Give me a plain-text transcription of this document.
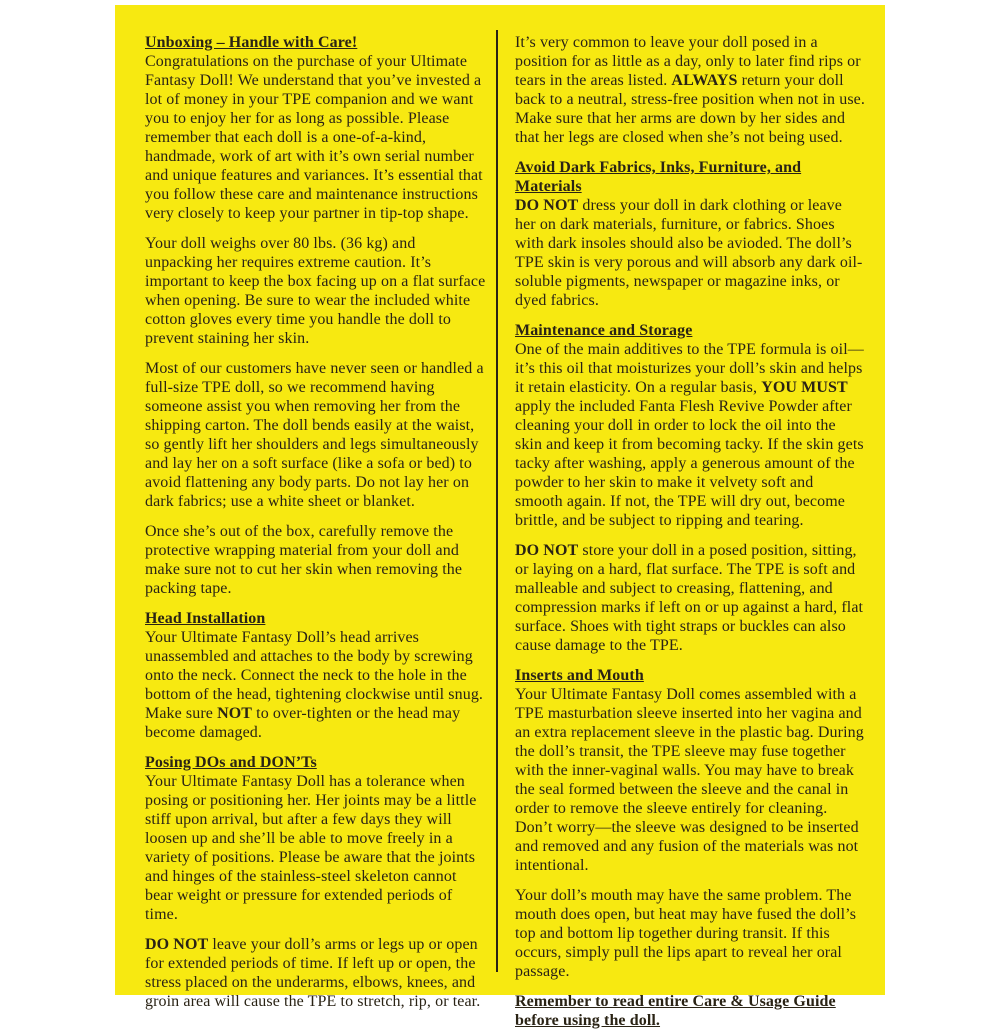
Unboxing – Handle with Care!

Congratulations on the purchase of your Ultimate Fantasy Doll! We understand that you’ve invested a lot of money in your TPE companion and we want you to enjoy her for as long as possible. Please remember that each doll is a one-of-a-kind, handmade, work of art with it’s own serial number and unique features and variances. It’s essential that you follow these care and maintenance instructions very closely to keep your partner in tip-top shape.

Your doll weighs over 80 lbs. (36 kg) and unpacking her requires extreme caution. It’s important to keep the box facing up on a flat surface when opening. Be sure to wear the included white cotton gloves every time you handle the doll to prevent staining her skin.

Most of our customers have never seen or handled a full-size TPE doll, so we recommend having someone assist you when removing her from the shipping carton. The doll bends easily at the waist, so gently lift her shoulders and legs simultaneously and lay her on a soft surface (like a sofa or bed) to avoid flattening any body parts. Do not lay her on dark fabrics; use a white sheet or blanket.

Once she’s out of the box, carefully remove the protective wrapping material from your doll and make sure not to cut her skin when removing the packing tape.

Head Installation

Your Ultimate Fantasy Doll’s head arrives unassembled and attaches to the body by screwing onto the neck. Connect the neck to the hole in the bottom of the head, tightening clockwise until snug. Make sure NOT to over-tighten or the head may become damaged.

Posing DOs and DON’Ts

Your Ultimate Fantasy Doll has a tolerance when posing or positioning her. Her joints may be a little stiff upon arrival, but after a few days they will loosen up and she’ll be able to move freely in a variety of positions. Please be aware that the joints and hinges of the stainless-steel skeleton cannot bear weight or pressure for extended periods of time.

DO NOT leave your doll’s arms or legs up or open for extended periods of time. If left up or open, the stress placed on the underarms, elbows, knees, and groin area will cause the TPE to stretch, rip, or tear.

It’s very common to leave your doll posed in a position for as little as a day, only to later find rips or tears in the areas listed. ALWAYS return your doll back to a neutral, stress-free position when not in use. Make sure that her arms are down by her sides and that her legs are closed when she’s not being used.

Avoid Dark Fabrics, Inks, Furniture, and Materials

DO NOT dress your doll in dark clothing or leave her on dark materials, furniture, or fabrics. Shoes with dark insoles should also be avioded. The doll’s TPE skin is very porous and will absorb any dark oil-soluble pigments, newspaper or magazine inks, or dyed fabrics.

Maintenance and Storage

One of the main additives to the TPE formula is oil—it’s this oil that moisturizes your doll’s skin and helps it retain elasticity. On a regular basis, YOU MUST apply the included Fanta Flesh Revive Powder after cleaning your doll in order to lock the oil into the skin and keep it from becoming tacky. If the skin gets tacky after washing, apply a generous amount of the powder to her skin to make it velvety soft and smooth again. If not, the TPE will dry out, become brittle, and be subject to ripping and tearing.

DO NOT store your doll in a posed position, sitting, or laying on a hard, flat surface. The TPE is soft and malleable and subject to creasing, flattening, and compression marks if left on or up against a hard, flat surface. Shoes with tight straps or buckles can also cause damage to the TPE.

Inserts and Mouth

Your Ultimate Fantasy Doll comes assembled with a TPE masturbation sleeve inserted into her vagina and an extra replacement sleeve in the plastic bag. During the doll’s transit, the TPE sleeve may fuse together with the inner-vaginal walls. You may have to break the seal formed between the sleeve and the canal in order to remove the sleeve entirely for cleaning. Don’t worry—the sleeve was designed to be inserted and removed and any fusion of the materials was not intentional.

Your doll’s mouth may have the same problem. The mouth does open, but heat may have fused the doll’s top and bottom lip together during transit. If this occurs, simply pull the lips apart to reveal her oral passage.

Remember to read entire Care & Usage Guide before using the doll.
